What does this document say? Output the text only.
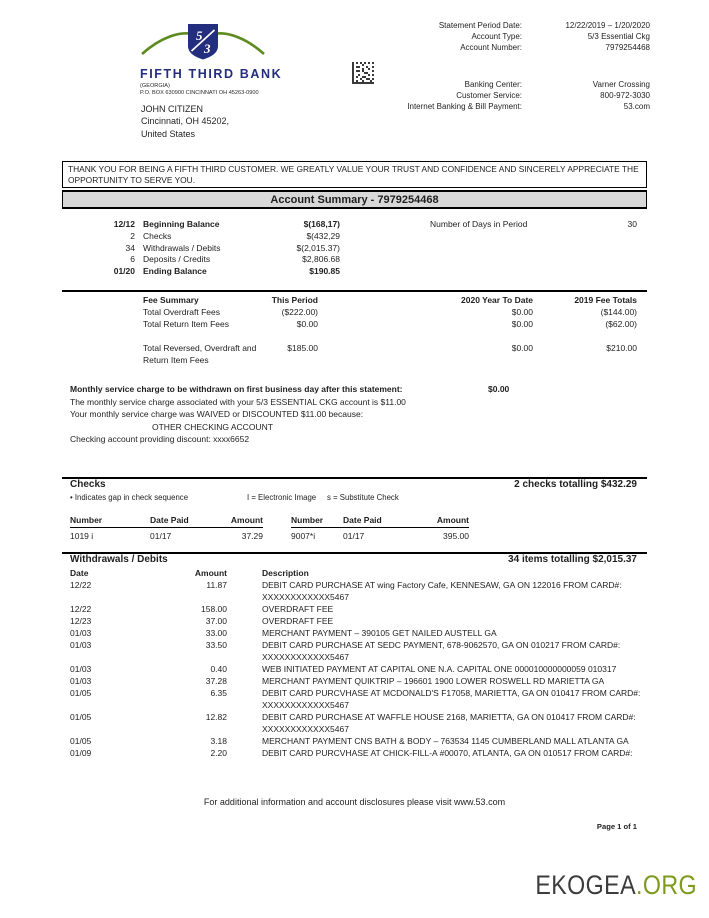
5
3
FIFTH THIRD BANK
(GEORGIA)
P.O. BOX 630900 CINCINNATI OH 45263-0900
Statement Period Date:	12/22/2019 – 1/20/2020
Account Type:	5/3 Essential Ckg
Account Number:	7979254468
Banking Center:	Varner Crossing
Customer Service:	800-972-3030
Internet Banking & Bill Payment:	53.com
JOHN CITIZEN
Cincinnati, OH 45202,
United States
THANK YOU FOR BEING A FIFTH THIRD CUSTOMER. WE GREATLY VALUE YOUR TRUST AND CONFIDENCE AND SINCERELY APPRECIATE THE OPPORTUNITY TO SERVE YOU.
Account Summary - 7979254468
12/12 Beginning Balance	$(168,17)	Number of Days in Period	30
2 Checks	$(432,29
34 Withdrawals / Debits	$(2,015.37)
6 Deposits / Credits	$2,806.68
01/20 Ending Balance	$190.85
Fee Summary	This Period	2020 Year To Date	2019 Fee Totals
Total Overdraft Fees	($222.00)	$0.00	($144.00)
Total Return Item Fees	$0.00	$0.00	($62.00)
Total Reversed, Overdraft and Return Item Fees
$185.00	$0.00	$210.00
Monthly service charge to be withdrawn on first business day after this statement:	$0.00
The monthly service charge associated with your 5/3 ESSENTIAL CKG account is $11.00
Your monthly service charge was WAIVED or DISCOUNTED $11.00 because:
OTHER CHECKING ACCOUNT
Checking account providing discount: xxxx6652
Checks	2 checks totalling $432.29
• Indicates gap in check sequence	I = Electronic Image s = Substitute Check
Number	Date Paid	Amount
1019 i	01/17	37.29
Number	Date Paid	Amount
9007*i	01/17	395.00
Withdrawals / Debits	34 items totalling $2,015.37
Date	Amount	Description
12/22	11.87	DEBIT CARD PURCHASE AT wing Factory Cafe, KENNESAW, GA ON 122016 FROM CARD#:
XXXXXXXXXXXX5467
12/22	158.00	OVERDRAFT FEE
12/23	37.00	OVERDRAFT FEE
01/03	33.00	MERCHANT PAYMENT – 390105 GET NAILED AUSTELL GA
01/03	33.50	DEBIT CARD PURCHASE AT SEDC PAYMENT, 678-9062570, GA ON 010217 FROM CARD#:
XXXXXXXXXXXX5467
01/03	0.40	WEB INITIATED PAYMENT AT CAPITAL ONE N.A. CAPITAL ONE 000010000000059 010317
01/03	37.28	MERCHANT PAYMENT QUIKTRIP – 196601 1900 LOWER ROSWELL RD MARIETTA GA
01/05	6.35	DEBIT CARD PURCVHASE AT MCDONALD'S F17058, MARIETTA, GA ON 010417 FROM CARD#:
XXXXXXXXXXXX5467
01/05	12.82	DEBIT CARD PURCHASE AT WAFFLE HOUSE 2168, MARIETTA, GA ON 010417 FROM CARD#:
XXXXXXXXXXXX5467
01/05	3.18	MERCHANT PAYMENT CNS BATH & BODY – 763534 1145 CUMBERLAND MALL ATLANTA GA
01/09	2.20	DEBIT CARD PURCVHASE AT CHICK-FILL-A #00070, ATLANTA, GA ON 010517 FROM CARD#:
For additional information and account disclosures please visit www.53.com
Page 1 of 1
EKOGEA.ORG
